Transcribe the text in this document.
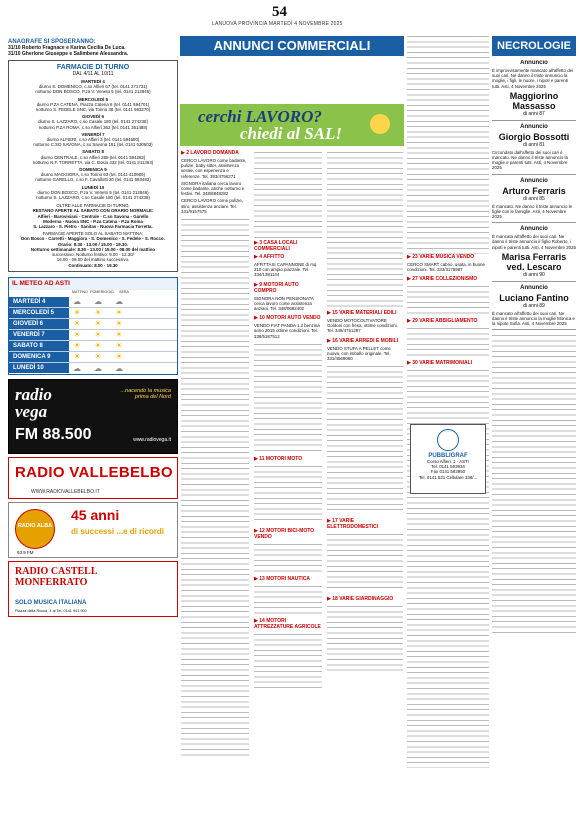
54
LANUOVA PROVINCIA MARTEDÌ 4 NOVEMBRE 2025
ANAGRAFE SI SPOSERANNO:
31/10 Roberto Fragnace e Karina Cecilia De Luca.
31/10 Gherlone Giuseppe e Salimbene Alessandra.
FARMACIE DI TURNO
DAL 4/11 AL 10/11
MARTEDÌ 4
diurno S. DOMENICO, c.so Alfieri 67 (tel. 0141 271731)
notturno DON BOSCO, P.za V. Veneto 5 (tel. 0141 212846)
MERCOLEDÌ 5
diurno P.ZA CATENA, Piazza Catena 8 (tel. 0141 594701)
notturno S. FEDELE SNC, via Torino 38 (tel. 0141 593270)
GIOVEDÌ 6
diurno S. LAZZARO, c.so Casale 180 (tel. 0141 274238)
notturno P.ZA ROMA, c.so Alfieri 362 (tel. 0141 351488)
VENERDÌ 7
diurno ALFIERI, c.so Alfieri 3 (tel. 0141 594680)
notturno C.SO SAVONA, c.so Savona 161 (tel. 0141 530603)
SABATO 8
diurno CENTRALE, c.so Alfieri 269 (tel. 0141 594282)
notturno N.F. TORRETTA, via C. Bosio 432 (tel. 0141 211363)
DOMENICA 9
diurno MAGGIORA, c.so Torino 93 (tel. 0141 410909)
notturno GARELLO, c.so F. Cavallotti 20 (tel. 0141 593483)
LUNEDÌ 10
diurno DON BOSCO, P.za V. Veneto 5 (tel. 0141 212846)
notturno S. LAZZARO, c.so Casale 180 (tel. 0141 274238)
OLTRE ALLE FARMACIE DI TURNO,
RESTANO APERTE AL SABATO CON ORARIO NORMALE:
Alfieri - Barovisiani - Centrale - C.so Savona - Garello
Moderna - Nuova SNC - P.za Catena - P.za Roma
S. Lazzaro - S. Pietro - Sanitas - Nuova Farmacia Torretta.
FARMACIE APERTE SOLO AL SABATO MATTINA:
Don Bosco - Carretti - Maggiora - S. Domenico - S. Fedele - S. Rocco.
Orario: 8.30 - 13.00 / 15.00 - 19.30.
Notturno settimanale: 8.30 - 13.00 / 15.00 - 08.00 del mattino
successivo. Notturno festivo: 9.00 - 12.30/
16.00 - 08.00 del mattino successivo.
Continuato: 8.00 - 19.30
IL METEO AD ASTI
MATTINO POMERIGGIO	SERA
MARTEDÌ 4	☁	☁	☁
MERCOLEDÌ 5	☀	☀	☀
GIOVEDÌ 6	☀	☀	☀
VENERDÌ 7	☀	☀	☀
SABATO 8	☀	☀	☀
DOMENICA 9	☀	☀	☀
LUNEDÌ 10	☁	☁	☁
radio vega
...nacendo la musica prima del Nord
FM 88.500	www.radiovega.it
RADIO VALLEBELBO
WWW.RADIOVALLEBELBO.IT
RADIO ALBA
45 anni
di successi ...e di ricordi
93.9 FM
RADIO CASTELL MONFERRATO
SOLO MUSICA ITALIANA
Piazza della Rocca, 4 al Tel. 0141 941 900
ANNUNCI COMMERCIALI
cerchi LAVORO?
chiedi al SAL!
▶ 2 LAVORO DOMANDA
CERCO LAVORO come badante, pulizie, baby sitter, assistenza serale, con esperienza e referenze. Tel. 393/4756271
SIGNORA italiana cerca lavoro come badante, anche notturno e festivi. Tel. 348/8848282
CERCO LAVORO come pulizie, stiro, assistenza anziani. Tel. 331/9157575
▶ 3 CASA LOCALI COMMERCIALI
▶ 4 AFFITTO
AFFITTASI CAPANNONE di mq 210 con ampio piazzale. Tel. 334/1381144
▶ 9 MOTORI AUTO COMPRO
SIGNORA NON PENSIONATA cerca lavoro come assistenza anziani. Tel. 348/0682402
▶ 10 MOTORI AUTO VENDO
VENDO FIAT PANDA 1.2 benzina anno 2015 ottime condizioni. Tel. 338/5187512
▶ 11 MOTORI MOTO
▶ 12 MOTORI BICI-MOTO VENDO
▶ 13 MOTORI NAUTICA
▶ 14 MOTORI ATTREZZATURE AGRICOLE
▶ 15 VARIE MATERIALI EDILI
VENDO MOTOCOLTIVATORE Goldoni con fresa, ottime condizioni. Tel. 349/4751297
▶ 16 VARIE ARREDI E MOBILI
VENDO STUFA A PELLET come nuova, con imballo originale. Tel. 331/4569060
▶ 17 VARIE ELETTRODOMESTICI
▶ 18 VARIE GIARDINAGGIO
▶ 23 VARIE MUSICA VENDO
CERCO SMART cabrio, usata, in buone condizioni. Tel. 333/3176987
▶ 27 VARIE COLLEZIONISMO
▶ 29 VARIE ABBIGLIAMENTO
▶ 30 VARIE MATRIMONIALI
NECROLOGIE
Annuncio
È improvvisamente mancato all'affetto dei suoi cari. Ne danno il triste annuncio la moglie, i figli, le nuore, i nipoti e parenti tutti. Asti, 4 Novembre 2025
Maggiorino Massasso
di anni 87
Annuncio
Giorgio Bossotti
di anni 81
Circondato dall'affetto dei suoi cari è mancato. Ne danno il triste annuncio la moglie e parenti tutti. Asti, 4 Novembre 2025
Annuncio
Arturo Ferraris
di anni 85
È mancato. Ne danno il triste annuncio le figlie con le famiglie. Asti, 4 Novembre 2025
Annuncio
È mancata all'affetto dei suoi cari. Ne danno il triste annuncio il figlio Roberto, i nipoti e parenti tutti. Asti, 4 Novembre 2025
Marisa Ferraris ved. Lescaro
di anni 90
Annuncio
Luciano Fantino
di anni 89
È mancato all'affetto dei suoi cari. Ne danno il triste annuncio la moglie Monica e la nipote Sofia. Asti, 4 Novembre 2025
PUBBLIGRAF
Corso Alfieri, 1 - ASTI
Tel. 0141 593934
Fax 0141 593950
Tel. 0141 531 Cellulare 338/...
